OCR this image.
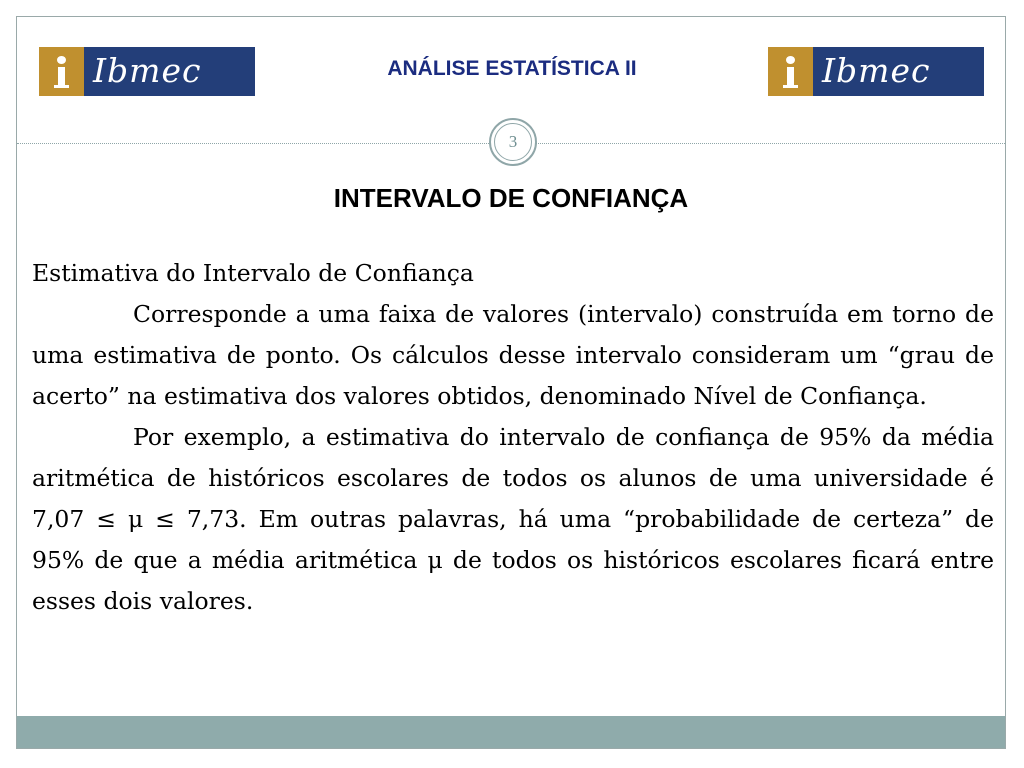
Ibmec	ANÁLISE ESTATÍSTICA II	Ibmec
3
INTERVALO DE CONFIANÇA

Estimativa do Intervalo de Confiança

Corresponde a uma faixa de valores (intervalo) construída em torno de uma estimativa de ponto. Os cálculos desse intervalo consideram um “grau de acerto” na estimativa dos valores obtidos, denominado Nível de Confiança.

Por exemplo, a estimativa do intervalo de confiança de 95% da média aritmética de históricos escolares de todos os alunos de uma universidade é 7,07 ≤ μ ≤ 7,73. Em outras palavras, há uma “probabilidade de certeza” de 95% de que a média aritmética μ de todos os históricos escolares ficará entre esses dois valores.
